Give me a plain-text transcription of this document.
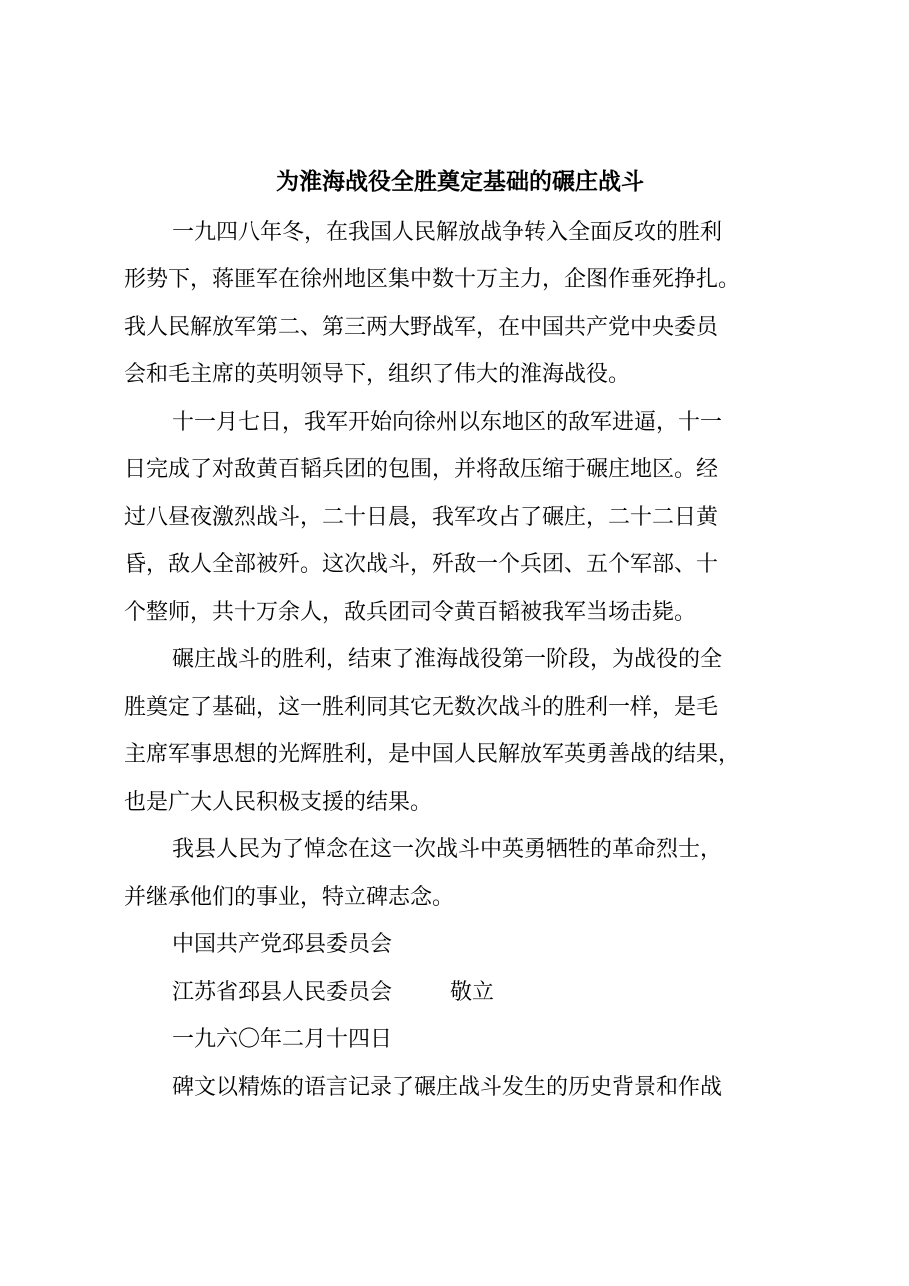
为淮海战役全胜奠定基础的碾庄战斗
一九四八年冬，在我国人民解放战争转入全面反攻的胜利
形势下，蒋匪军在徐州地区集中数十万主力，企图作垂死挣扎。
我人民解放军第二、第三两大野战军，在中国共产党中央委员
会和毛主席的英明领导下，组织了伟大的淮海战役。
十一月七日，我军开始向徐州以东地区的敌军进逼，十一
日完成了对敌黄百韬兵团的包围，并将敌压缩于碾庄地区。经
过八昼夜激烈战斗，二十日晨，我军攻占了碾庄，二十二日黄
昏，敌人全部被歼。这次战斗，歼敌一个兵团、五个军部、十
个整师，共十万余人，敌兵团司令黄百韬被我军当场击毙。
碾庄战斗的胜利，结束了淮海战役第一阶段，为战役的全
胜奠定了基础，这一胜利同其它无数次战斗的胜利一样，是毛
主席军事思想的光辉胜利，是中国人民解放军英勇善战的结果，
也是广大人民积极支援的结果。
我县人民为了悼念在这一次战斗中英勇牺牲的革命烈士，
并继承他们的事业，特立碑志念。
中国共产党邳县委员会
江苏省邳县人民委员会	敬立
一九六〇年二月十四日
碑文以精炼的语言记录了碾庄战斗发生的历史背景和作战
